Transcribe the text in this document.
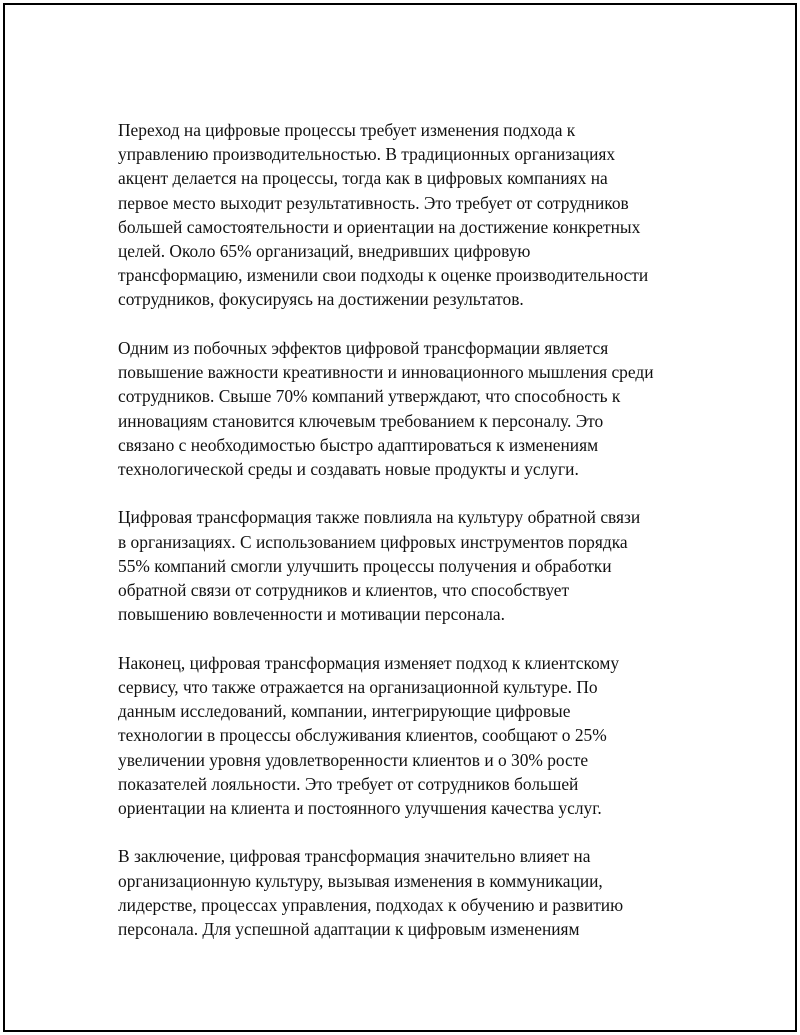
Переход на цифровые процессы требует изменения подхода к
управлению производительностью. В традиционных организациях
акцент делается на процессы, тогда как в цифровых компаниях на
первое место выходит результативность. Это требует от сотрудников
большей самостоятельности и ориентации на достижение конкретных
целей. Около 65% организаций, внедривших цифровую
трансформацию, изменили свои подходы к оценке производительности
сотрудников, фокусируясь на достижении результатов.

Одним из побочных эффектов цифровой трансформации является
повышение важности креативности и инновационного мышления среди
сотрудников. Свыше 70% компаний утверждают, что способность к
инновациям становится ключевым требованием к персоналу. Это
связано с необходимостью быстро адаптироваться к изменениям
технологической среды и создавать новые продукты и услуги.

Цифровая трансформация также повлияла на культуру обратной связи
в организациях. С использованием цифровых инструментов порядка
55% компаний смогли улучшить процессы получения и обработки
обратной связи от сотрудников и клиентов, что способствует
повышению вовлеченности и мотивации персонала.

Наконец, цифровая трансформация изменяет подход к клиентскому
сервису, что также отражается на организационной культуре. По
данным исследований, компании, интегрирующие цифровые
технологии в процессы обслуживания клиентов, сообщают о 25%
увеличении уровня удовлетворенности клиентов и о 30% росте
показателей лояльности. Это требует от сотрудников большей
ориентации на клиента и постоянного улучшения качества услуг.

В заключение, цифровая трансформация значительно влияет на
организационную культуру, вызывая изменения в коммуникации,
лидерстве, процессах управления, подходах к обучению и развитию
персонала. Для успешной адаптации к цифровым изменениям
